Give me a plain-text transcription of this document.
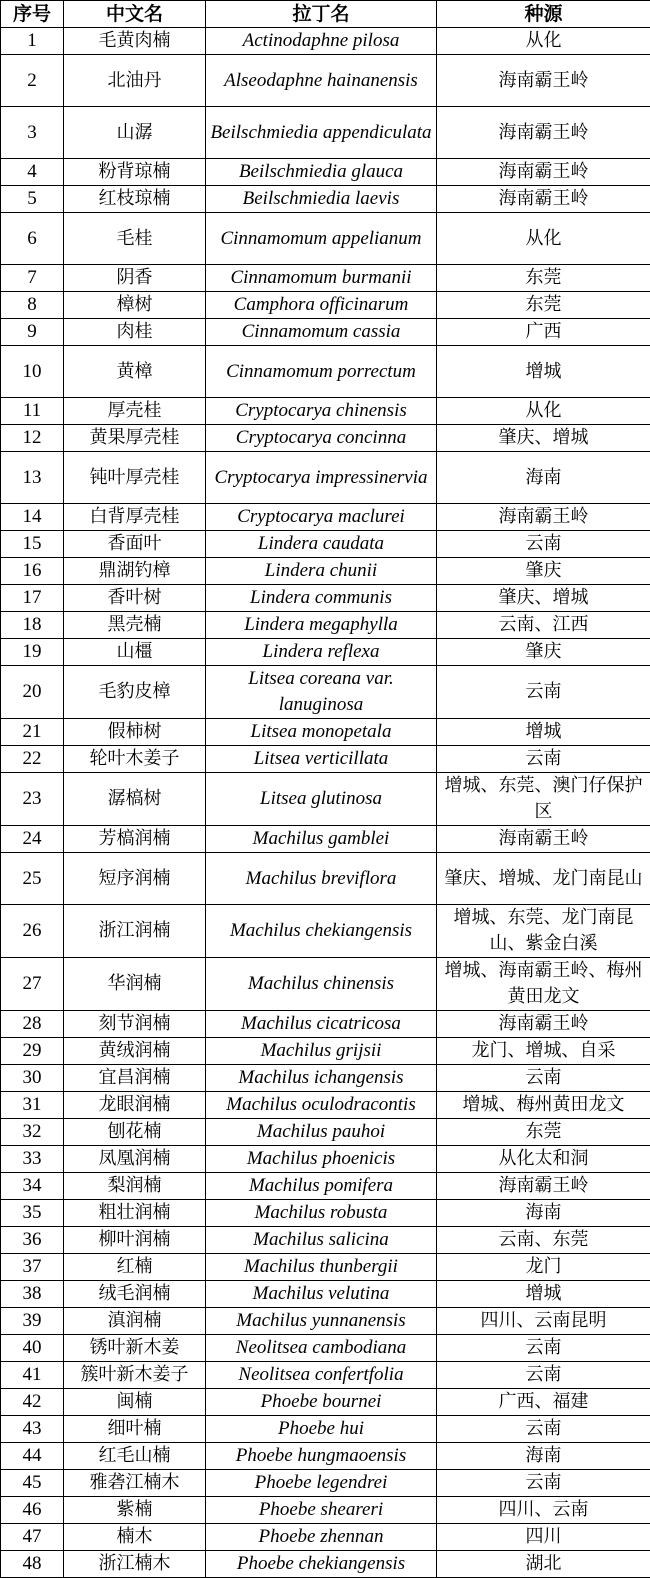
序号	中文名	拉丁名	种源
1	毛黄肉楠	Actinodaphne pilosa	从化
2	北油丹	Alseodaphne hainanensis	海南霸王岭
3	山潺	Beilschmiedia appendiculata	海南霸王岭
4	粉背琼楠	Beilschmiedia glauca	海南霸王岭
5	红枝琼楠	Beilschmiedia laevis	海南霸王岭
6	毛桂	Cinnamomum appelianum	从化
7	阴香	Cinnamomum burmanii	东莞
8	樟树	Camphora officinarum	东莞
9	肉桂	Cinnamomum cassia	广西
10	黄樟	Cinnamomum porrectum	增城
11	厚壳桂	Cryptocarya chinensis	从化
12	黄果厚壳桂	Cryptocarya concinna	肇庆、增城
13	钝叶厚壳桂	Cryptocarya impressinervia	海南
14	白背厚壳桂	Cryptocarya maclurei	海南霸王岭
15	香面叶	Lindera caudata	云南
16	鼎湖钓樟	Lindera chunii	肇庆
17	香叶树	Lindera communis	肇庆、增城
18	黑壳楠	Lindera megaphylla	云南、江西
19	山橿	Lindera reflexa	肇庆
20	毛豹皮樟	Litsea coreana var. lanuginosa	云南
21	假柿树	Litsea monopetala	增城
22	轮叶木姜子	Litsea verticillata	云南
23	潺槁树	Litsea glutinosa	增城、东莞、澳门仔保护区
24	芳槁润楠	Machilus gamblei	海南霸王岭
25	短序润楠	Machilus breviflora	肇庆、增城、龙门南昆山
26	浙江润楠	Machilus chekiangensis	增城、东莞、龙门南昆山、紫金白溪
27	华润楠	Machilus chinensis	增城、海南霸王岭、梅州黄田龙文
28	刻节润楠	Machilus cicatricosa	海南霸王岭
29	黄绒润楠	Machilus grijsii	龙门、增城、自采
30	宜昌润楠	Machilus ichangensis	云南
31	龙眼润楠	Machilus oculodracontis	增城、梅州黄田龙文
32	刨花楠	Machilus pauhoi	东莞
33	凤凰润楠	Machilus phoenicis	从化太和洞
34	梨润楠	Machilus pomifera	海南霸王岭
35	粗壮润楠	Machilus robusta	海南
36	柳叶润楠	Machilus salicina	云南、东莞
37	红楠	Machilus thunbergii	龙门
38	绒毛润楠	Machilus velutina	增城
39	滇润楠	Machilus yunnanensis	四川、云南昆明
40	锈叶新木姜	Neolitsea cambodiana	云南
41	簇叶新木姜子	Neolitsea confertfolia	云南
42	闽楠	Phoebe bournei	广西、福建
43	细叶楠	Phoebe hui	云南
44	红毛山楠	Phoebe hungmaoensis	海南
45	雅砻江楠木	Phoebe legendrei	云南
46	紫楠	Phoebe sheareri	四川、云南
47	楠木	Phoebe zhennan	四川
48	浙江楠木	Phoebe chekiangensis	湖北
